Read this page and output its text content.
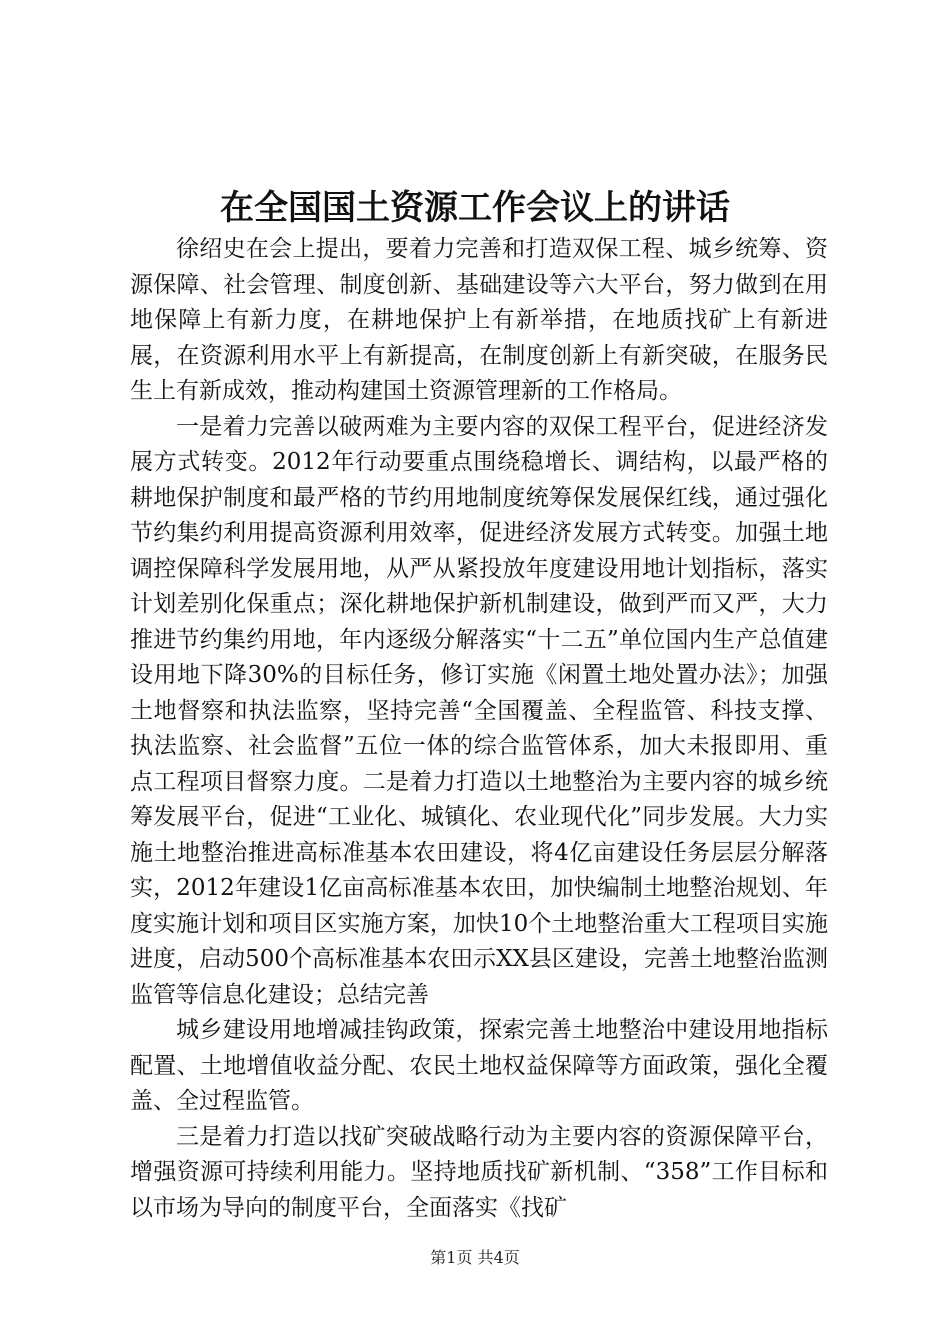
在全国国土资源工作会议上的讲话

徐绍史在会上提出，要着力完善和打造双保工程、城乡统筹、资源保障、社会管理、制度创新、基础建设等六大平台，努力做到在用地保障上有新力度，在耕地保护上有新举措，在地质找矿上有新进展，在资源利用水平上有新提高，在制度创新上有新突破，在服务民生上有新成效，推动构建国土资源管理新的工作格局。

一是着力完善以破两难为主要内容的双保工程平台，促进经济发展方式转变。2012年行动要重点围绕稳增长、调结构，以最严格的耕地保护制度和最严格的节约用地制度统筹保发展保红线，通过强化节约集约利用提高资源利用效率，促进经济发展方式转变。加强土地调控保障科学发展用地，从严从紧投放年度建设用地计划指标，落实计划差别化保重点；深化耕地保护新机制建设，做到严而又严，大力推进节约集约用地，年内逐级分解落实“十二五”单位国内生产总值建设用地下降30%的目标任务，修订实施《闲置土地处置办法》；加强土地督察和执法监察，坚持完善“全国覆盖、全程监管、科技支撑、执法监察、社会监督”五位一体的综合监管体系，加大未报即用、重点工程项目督察力度。二是着力打造以土地整治为主要内容的城乡统筹发展平台，促进“工业化、城镇化、农业现代化”同步发展。大力实施土地整治推进高标准基本农田建设，将4亿亩建设任务层层分解落实，2012年建设1亿亩高标准基本农田，加快编制土地整治规划、年度实施计划和项目区实施方案，加快10个土地整治重大工程项目实施进度，启动500个高标准基本农田示XX县区建设，完善土地整治监测监管等信息化建设；总结完善

城乡建设用地增减挂钩政策，探索完善土地整治中建设用地指标配置、土地增值收益分配、农民土地权益保障等方面政策，强化全覆盖、全过程监管。

三是着力打造以找矿突破战略行动为主要内容的资源保障平台，增强资源可持续利用能力。坚持地质找矿新机制、“358”工作目标和以市场为导向的制度平台，全面落实《找矿

第1页 共4页
